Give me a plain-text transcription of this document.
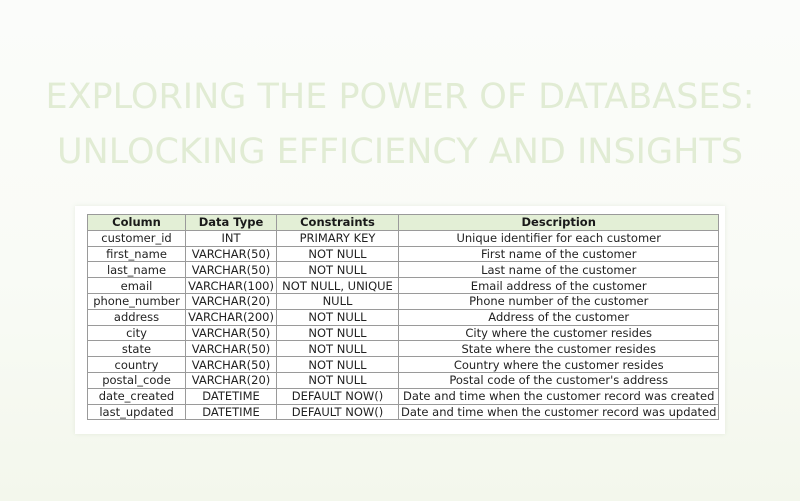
EXPLORING THE POWER OF DATABASES:
UNLOCKING EFFICIENCY AND INSIGHTS
Column	Data Type	Constraints	Description
customer_id	INT	PRIMARY KEY	Unique identifier for each customer
first_name	VARCHAR(50)	NOT NULL	First name of the customer
last_name	VARCHAR(50)	NOT NULL	Last name of the customer
email	VARCHAR(100)	NOT NULL, UNIQUE	Email address of the customer
phone_number	VARCHAR(20)	NULL	Phone number of the customer
address	VARCHAR(200)	NOT NULL	Address of the customer
city	VARCHAR(50)	NOT NULL	City where the customer resides
state	VARCHAR(50)	NOT NULL	State where the customer resides
country	VARCHAR(50)	NOT NULL	Country where the customer resides
postal_code	VARCHAR(20)	NOT NULL	Postal code of the customer's address
date_created	DATETIME	DEFAULT NOW()	Date and time when the customer record was created
last_updated	DATETIME	DEFAULT NOW()	Date and time when the customer record was updated
